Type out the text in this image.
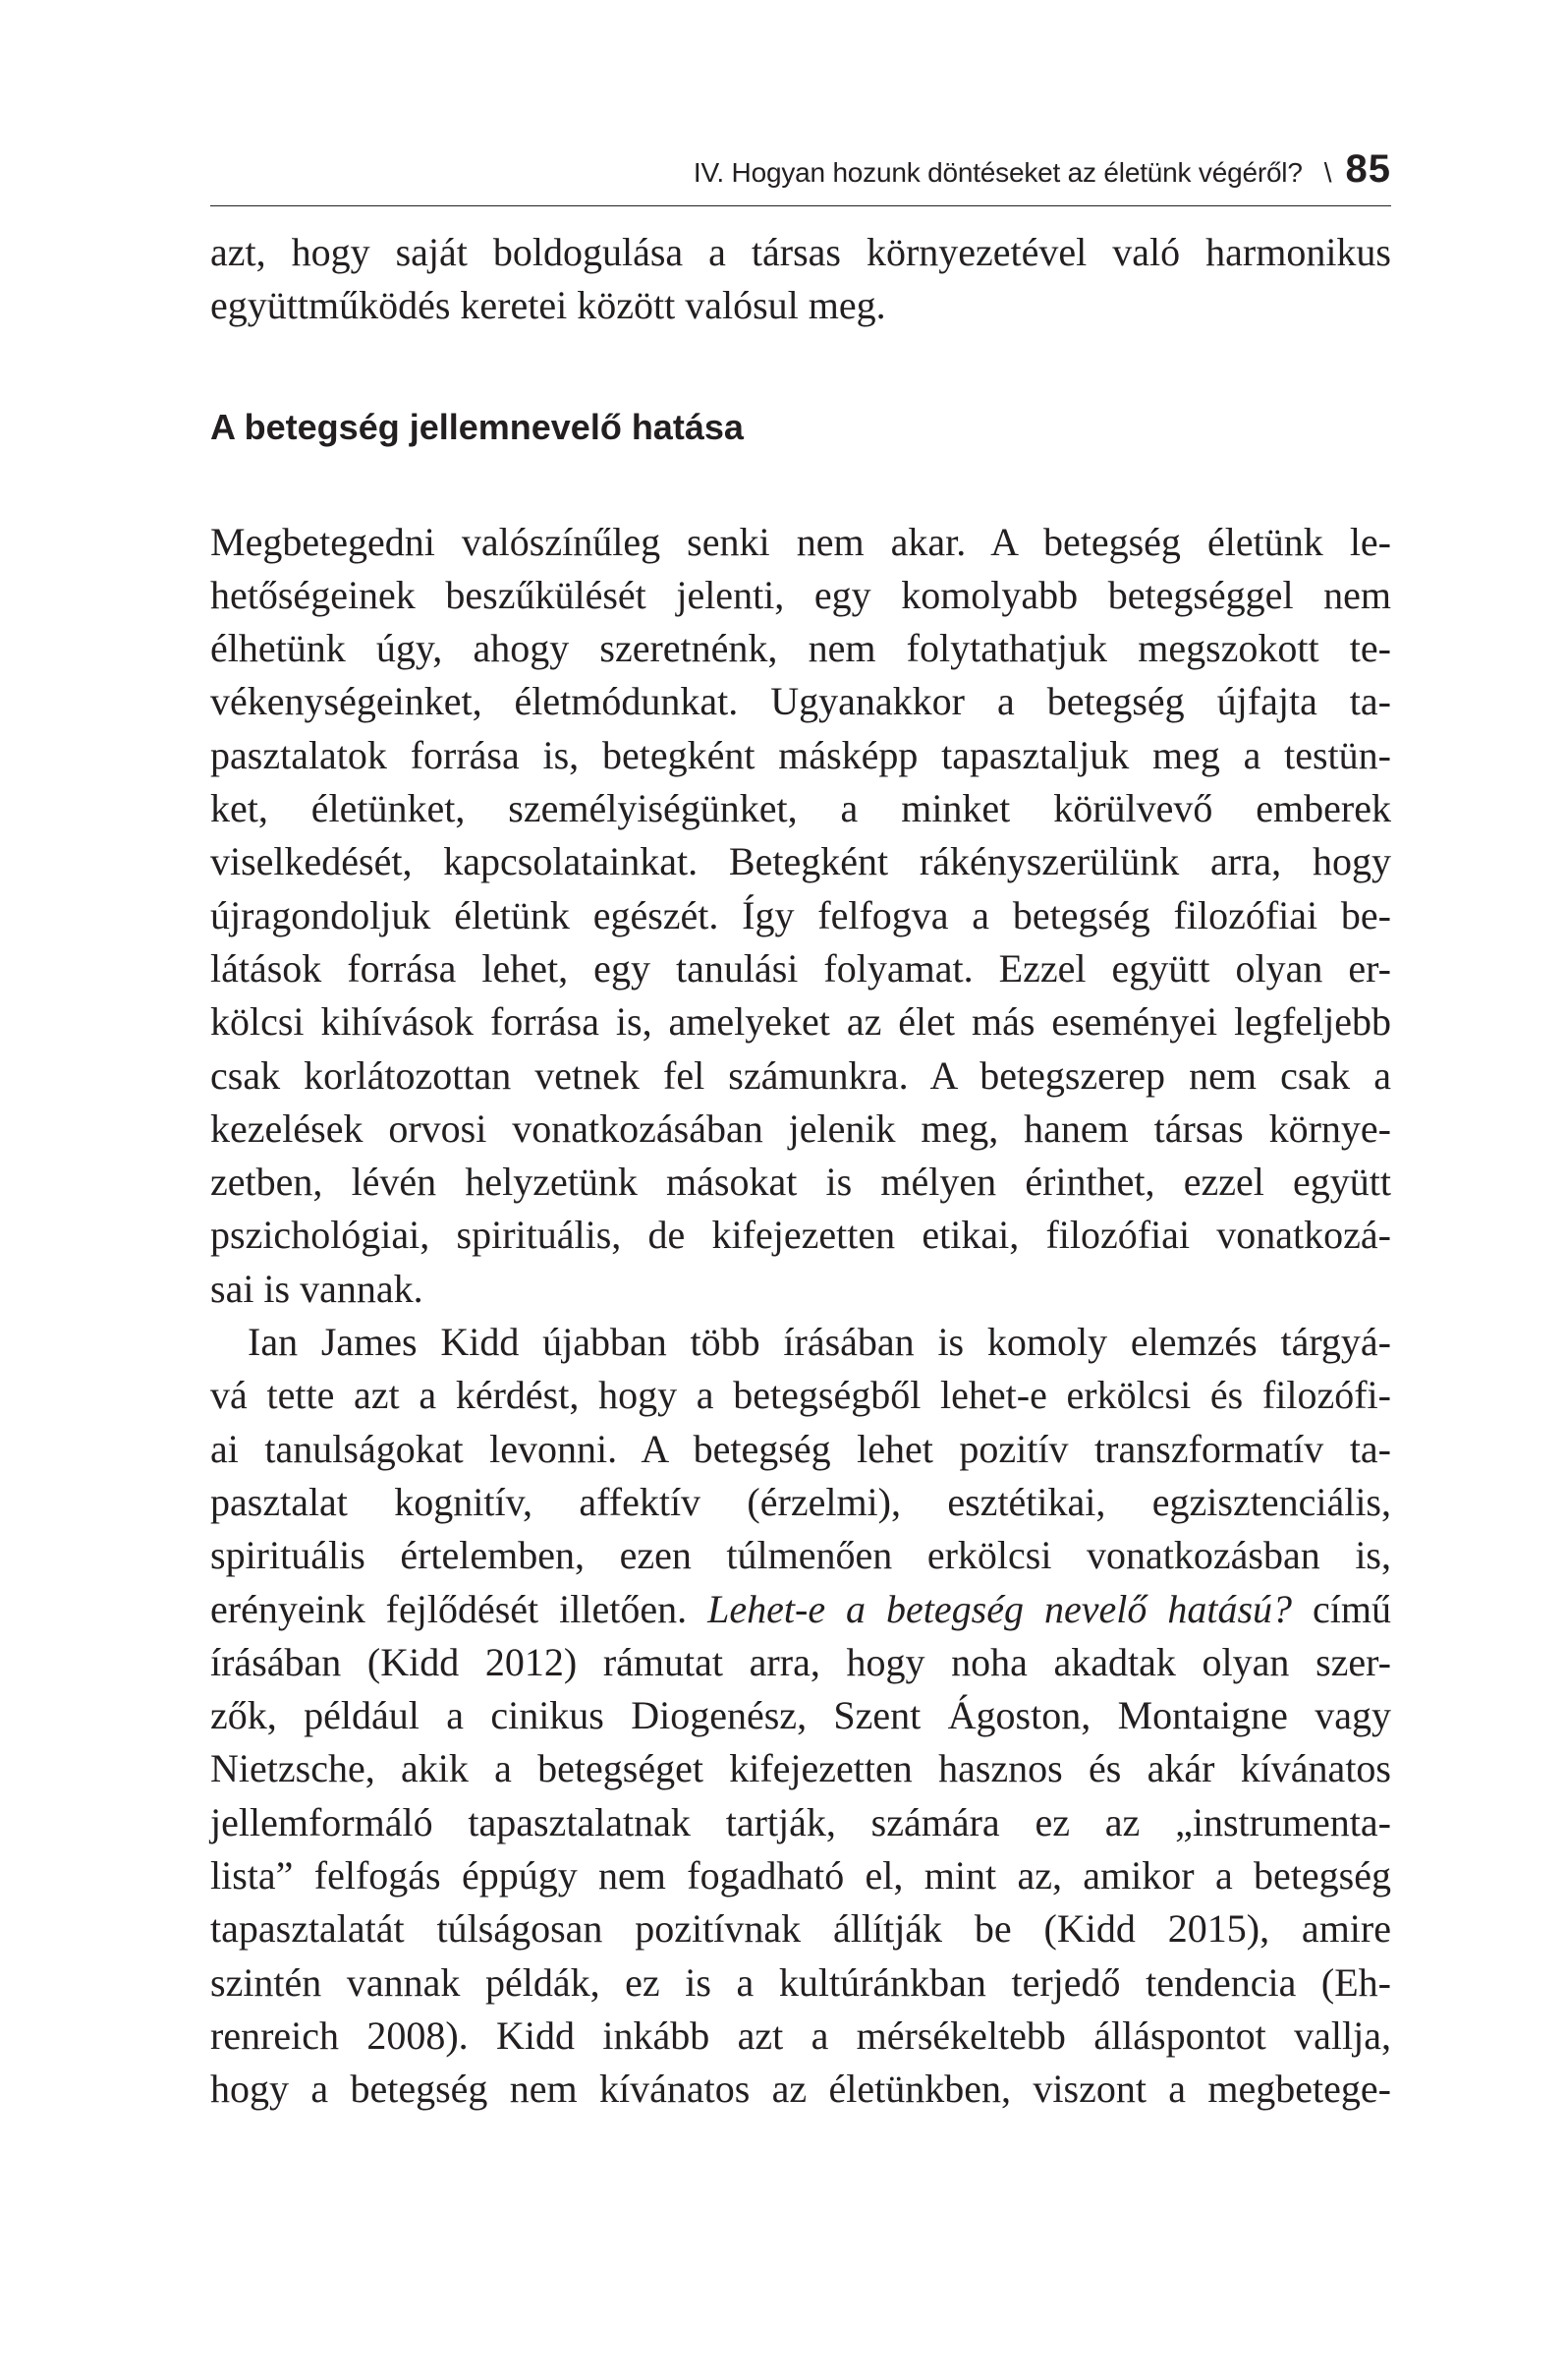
IV. Hogyan hozunk döntéseket az életünk végéről? \ 85

azt, hogy saját boldogulása a társas környezetével való harmonikus
együttműködés keretei között valósul meg.

A betegség jellemnevelő hatása

Megbetegedni valószínűleg senki nem akar. A betegség életünk le-
hetőségeinek beszűkülését jelenti, egy komolyabb betegséggel nem
élhetünk úgy, ahogy szeretnénk, nem folytathatjuk megszokott te-
vékenységeinket, életmódunkat. Ugyanakkor a betegség újfajta ta-
pasztalatok forrása is, betegként másképp tapasztaljuk meg a testün-
ket, életünket, személyiségünket, a minket körülvevő emberek
viselkedését, kapcsolatainkat. Betegként rákényszerülünk arra, hogy
újragondoljuk életünk egészét. Így felfogva a betegség filozófiai be-
látások forrása lehet, egy tanulási folyamat. Ezzel együtt olyan er-
kölcsi kihívások forrása is, amelyeket az élet más eseményei legfeljebb
csak korlátozottan vetnek fel számunkra. A betegszerep nem csak a
kezelések orvosi vonatkozásában jelenik meg, hanem társas környe-
zetben, lévén helyzetünk másokat is mélyen érinthet, ezzel együtt
pszichológiai, spirituális, de kifejezetten etikai, filozófiai vonatkozá-
sai is vannak.

Ian James Kidd újabban több írásában is komoly elemzés tárgyá-
vá tette azt a kérdést, hogy a betegségből lehet-e erkölcsi és filozófi-
ai tanulságokat levonni. A betegség lehet pozitív transzformatív ta-
pasztalat kognitív, affektív (érzelmi), esztétikai, egzisztenciális,
spirituális értelemben, ezen túlmenően erkölcsi vonatkozásban is,
erényeink fejlődését illetően. Lehet-e a betegség nevelő hatású? című
írásában (Kidd 2012) rámutat arra, hogy noha akadtak olyan szer-
zők, például a cinikus Diogenész, Szent Ágoston, Montaigne vagy
Nietzsche, akik a betegséget kifejezetten hasznos és akár kívánatos
jellemformáló tapasztalatnak tartják, számára ez az „instrumenta-
lista” felfogás éppúgy nem fogadható el, mint az, amikor a betegség
tapasztalatát túlságosan pozitívnak állítják be (Kidd 2015), amire
szintén vannak példák, ez is a kultúránkban terjedő tendencia (Eh-
renreich 2008). Kidd inkább azt a mérsékeltebb álláspontot vallja,
hogy a betegség nem kívánatos az életünkben, viszont a megbetege-
